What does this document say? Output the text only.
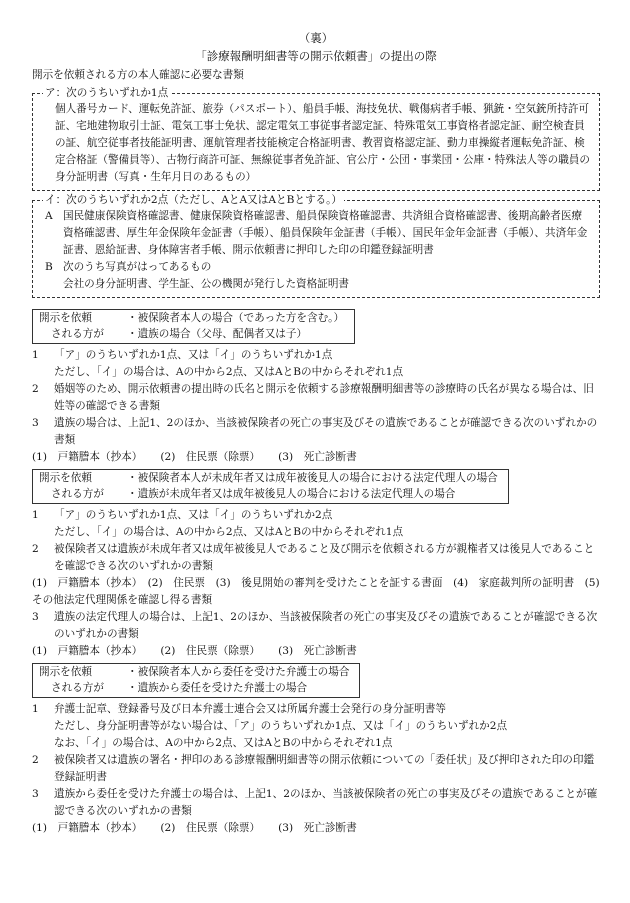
（裏）
「診療報酬明細書等の開示依頼書」の提出の際
開示を依頼される方の本人確認に必要な書類
ア：次のうちいずれか1点
個人番号カード、運転免許証、旅券（パスポート）、船員手帳、海技免状、戦傷病者手帳、猟銃・空気銃所持許可証、宅地建物取引士証、電気工事士免状、認定電気工事従事者認定証、特殊電気工事資格者認定証、耐空検査員の証、航空従事者技能証明書、運航管理者技能検定合格証明書、教習資格認定証、動力車操縦者運転免許証、検定合格証（警備員等）、古物行商許可証、無線従事者免許証、官公庁・公団・事業団・公庫・特殊法人等の職員の身分証明書（写真・生年月日のあるもの）
イ：次のうちいずれか2点（ただし、AとA又はAとBとする。）
A 国民健康保険資格確認書、健康保険資格確認書、船員保険資格確認書、共済組合資格確認書、後期高齢者医療資格確認書、厚生年金保険年金証書（手帳）、船員保険年金証書（手帳）、国民年金年金証書（手帳）、共済年金証書、恩給証書、身体障害者手帳、開示依頼書に押印した印の印鑑登録証明書
B 次のうち写真がはってあるもの
会社の身分証明書、学生証、公の機関が発行した資格証明書
開示を依頼	・被保険者本人の場合（であった方を含む。）
される方が	・遺族の場合（父母、配偶者又は子）
1	「ア」のうちいずれか1点、又は「イ」のうちいずれか1点
ただし、「イ」の場合は、Aの中から2点、又はAとBの中からそれぞれ1点
2	婚姻等のため、開示依頼書の提出時の氏名と開示を依頼する診療報酬明細書等の診療時の氏名が異なる場合は、旧姓等の確認できる書類
3	遺族の場合は、上記1、2のほか、当該被保険者の死亡の事実及びその遺族であることが確認できる次のいずれかの書類
(1)　戸籍謄本（抄本） (2)　住民票（除票） (3)　死亡診断書
開示を依頼	・被保険者本人が未成年者又は成年被後見人の場合における法定代理人の場合
される方が	・遺族が未成年者又は成年被後見人の場合における法定代理人の場合
1	「ア」のうちいずれか1点、又は「イ」のうちいずれか2点
ただし、「イ」の場合は、Aの中から2点、又はAとBの中からそれぞれ1点
2	被保険者又は遺族が未成年者又は成年被後見人であること及び開示を依頼される方が親権者又は後見人であることを確認できる次のいずれかの書類
(1)　戸籍謄本（抄本）　(2)　住民票　(3)　後見開始の審判を受けたことを証する書面　(4)　家庭裁判所の証明書　(5)　その他法定代理関係を確認し得る書類
3	遺族の法定代理人の場合は、上記1、2のほか、当該被保険者の死亡の事実及びその遺族であることが確認できる次のいずれかの書類
(1)　戸籍謄本（抄本） (2)　住民票（除票） (3)　死亡診断書
開示を依頼	・被保険者本人から委任を受けた弁護士の場合
される方が	・遺族から委任を受けた弁護士の場合
1	弁護士記章、登録番号及び日本弁護士連合会又は所属弁護士会発行の身分証明書等
ただし、身分証明書等がない場合は、「ア」のうちいずれか1点、又は「イ」のうちいずれか2点
なお、「イ」の場合は、Aの中から2点、又はAとBの中からそれぞれ1点
2	被保険者又は遺族の署名・押印のある診療報酬明細書等の開示依頼についての「委任状」及び押印された印の印鑑登録証明書
3	遺族から委任を受けた弁護士の場合は、上記1、2のほか、当該被保険者の死亡の事実及びその遺族であることが確認できる次のいずれかの書類
(1)　戸籍謄本（抄本） (2)　住民票（除票） (3)　死亡診断書
